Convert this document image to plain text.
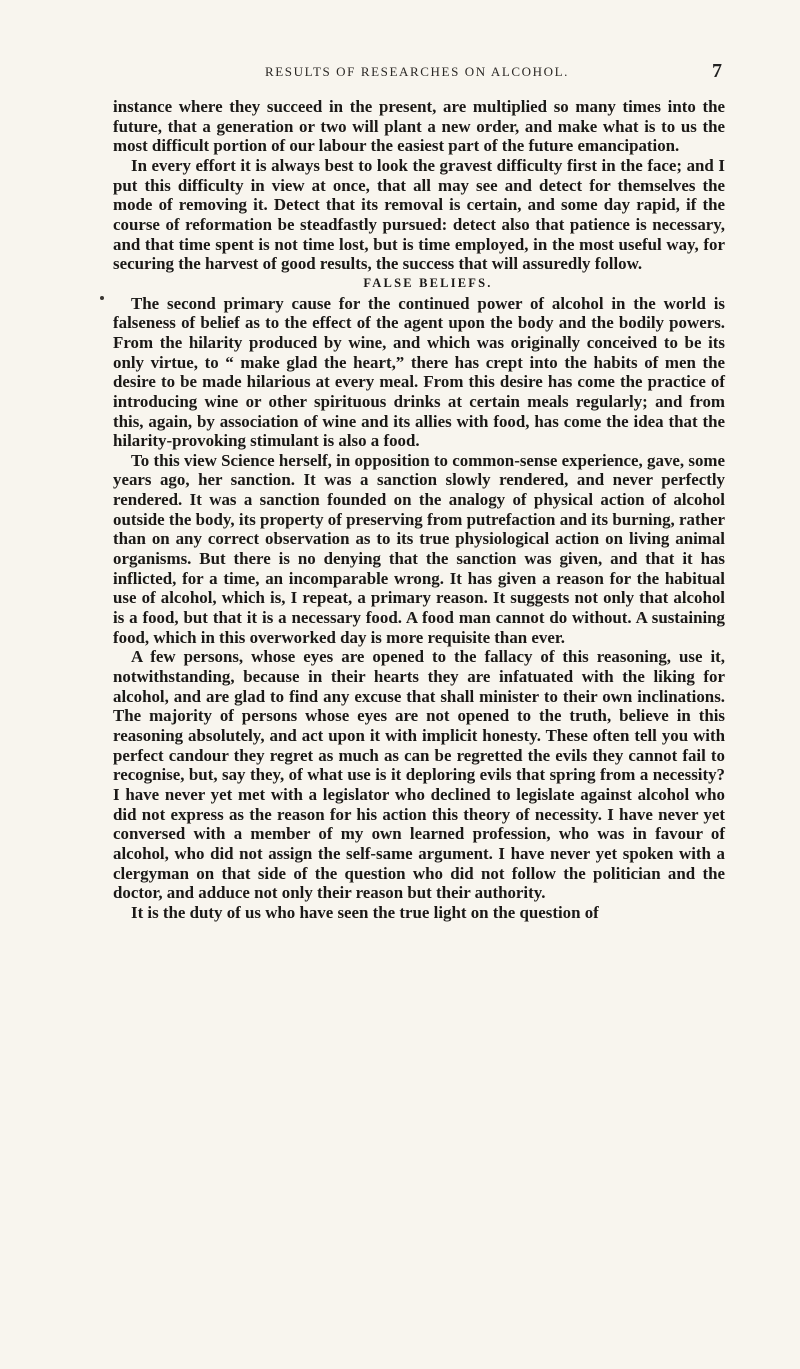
RESULTS OF RESEARCHES ON ALCOHOL.	7

instance where they succeed in the present, are multiplied so many times into the future, that a generation or two will plant a new order, and make what is to us the most difficult portion of our labour the easiest part of the future emancipation.

In every effort it is always best to look the gravest difficulty first in the face; and I put this difficulty in view at once, that all may see and detect for themselves the mode of removing it. Detect that its removal is certain, and some day rapid, if the course of reformation be steadfastly pursued: detect also that patience is necessary, and that time spent is not time lost, but is time employed, in the most useful way, for securing the harvest of good results, the success that will assuredly follow.

FALSE BELIEFS.

The second primary cause for the continued power of alcohol in the world is falseness of belief as to the effect of the agent upon the body and the bodily powers. From the hilarity produced by wine, and which was originally conceived to be its only virtue, to “ make glad the heart,” there has crept into the habits of men the desire to be made hilarious at every meal. From this desire has come the practice of introducing wine or other spirituous drinks at certain meals regularly; and from this, again, by association of wine and its allies with food, has come the idea that the hilarity-provoking stimulant is also a food.

To this view Science herself, in opposition to common-sense experience, gave, some years ago, her sanction. It was a sanction slowly rendered, and never perfectly rendered. It was a sanction founded on the analogy of physical action of alcohol outside the body, its property of preserving from putrefaction and its burning, rather than on any correct observation as to its true physiological action on living animal organisms. But there is no denying that the sanction was given, and that it has inflicted, for a time, an incomparable wrong. It has given a reason for the habitual use of alcohol, which is, I repeat, a primary reason. It suggests not only that alcohol is a food, but that it is a necessary food. A food man cannot do without. A sustaining food, which in this overworked day is more requisite than ever.

A few persons, whose eyes are opened to the fallacy of this reasoning, use it, notwithstanding, because in their hearts they are infatuated with the liking for alcohol, and are glad to find any excuse that shall minister to their own inclinations. The majority of persons whose eyes are not opened to the truth, believe in this reasoning absolutely, and act upon it with implicit honesty. These often tell you with perfect candour they regret as much as can be regretted the evils they cannot fail to recognise, but, say they, of what use is it deploring evils that spring from a necessity? I have never yet met with a legislator who declined to legislate against alcohol who did not express as the reason for his action this theory of necessity. I have never yet conversed with a member of my own learned profession, who was in favour of alcohol, who did not assign the self-same argument. I have never yet spoken with a clergyman on that side of the question who did not follow the politician and the doctor, and adduce not only their reason but their authority.

It is the duty of us who have seen the true light on the question of
